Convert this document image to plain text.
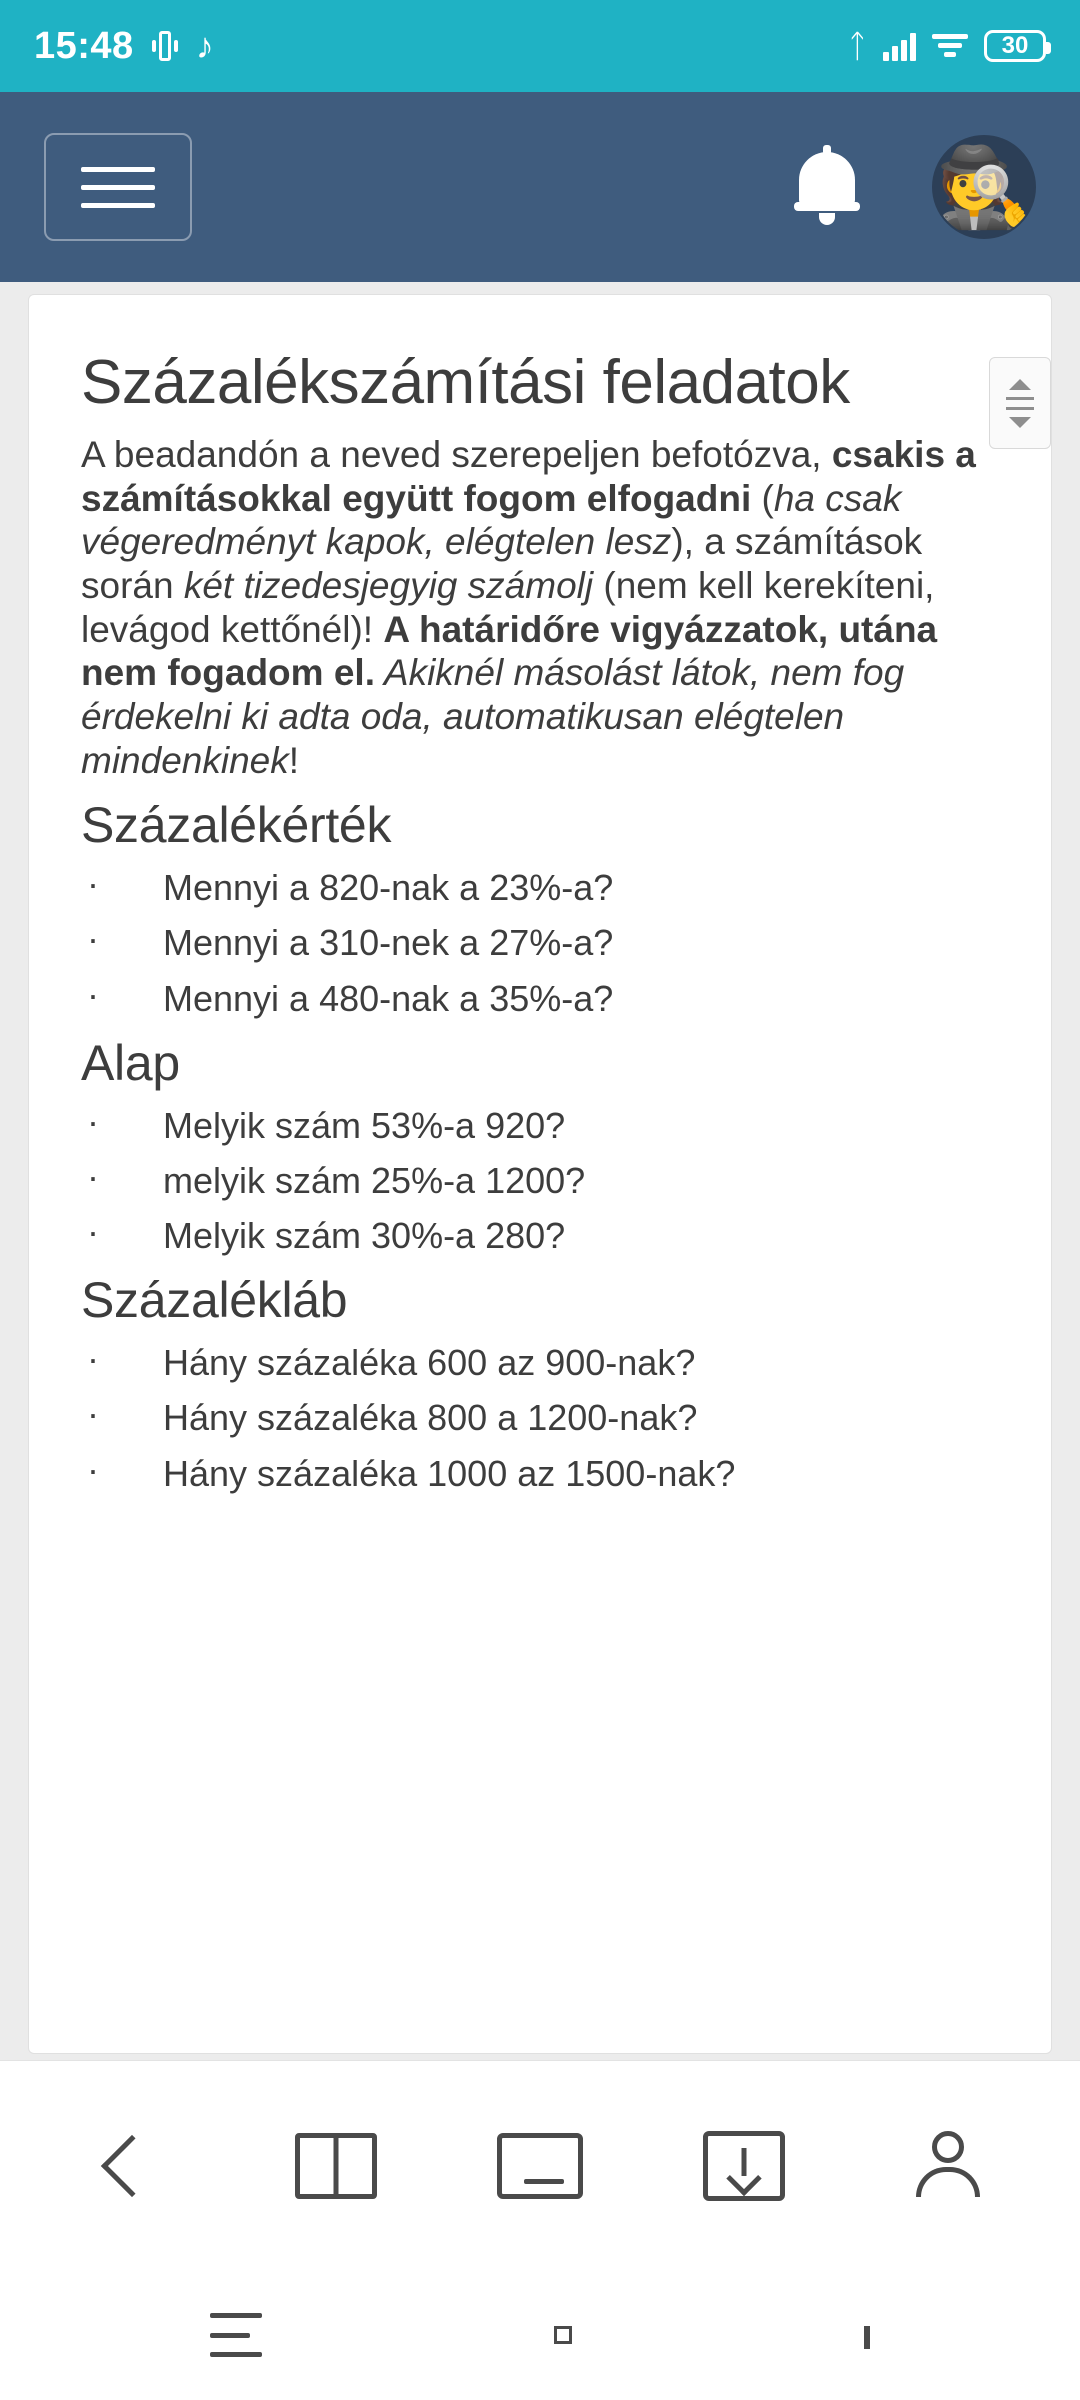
15:48 ♪	ᛏ	30
🕵️
Százalékszámítási feladatok

A beadandón a neved szerepeljen befotózva, csakis a számításokkal együtt fogom elfogadni (ha csak végeredményt kapok, elégtelen lesz), a számítások során két tizedesjegyig számolj (nem kell kerekíteni, levágod kettőnél)! A határidőre vigyázzatok, utána nem fogadom el. Akiknél másolást látok, nem fog érdekelni ki adta oda, automatikusan elégtelen mindenkinek!

Százalékérték
· Mennyi a 820-nak a 23%-a?
· Mennyi a 310-nek a 27%-a?
· Mennyi a 480-nak a 35%-a?
Alap
· Melyik szám 53%-a 920?
· melyik szám 25%-a 1200?
· Melyik szám 30%-a 280?
Százalékláb
· Hány százaléka 600 az 900-nak?
· Hány százaléka 800 a 1200-nak?
· Hány százaléka 1000 az 1500-nak?
